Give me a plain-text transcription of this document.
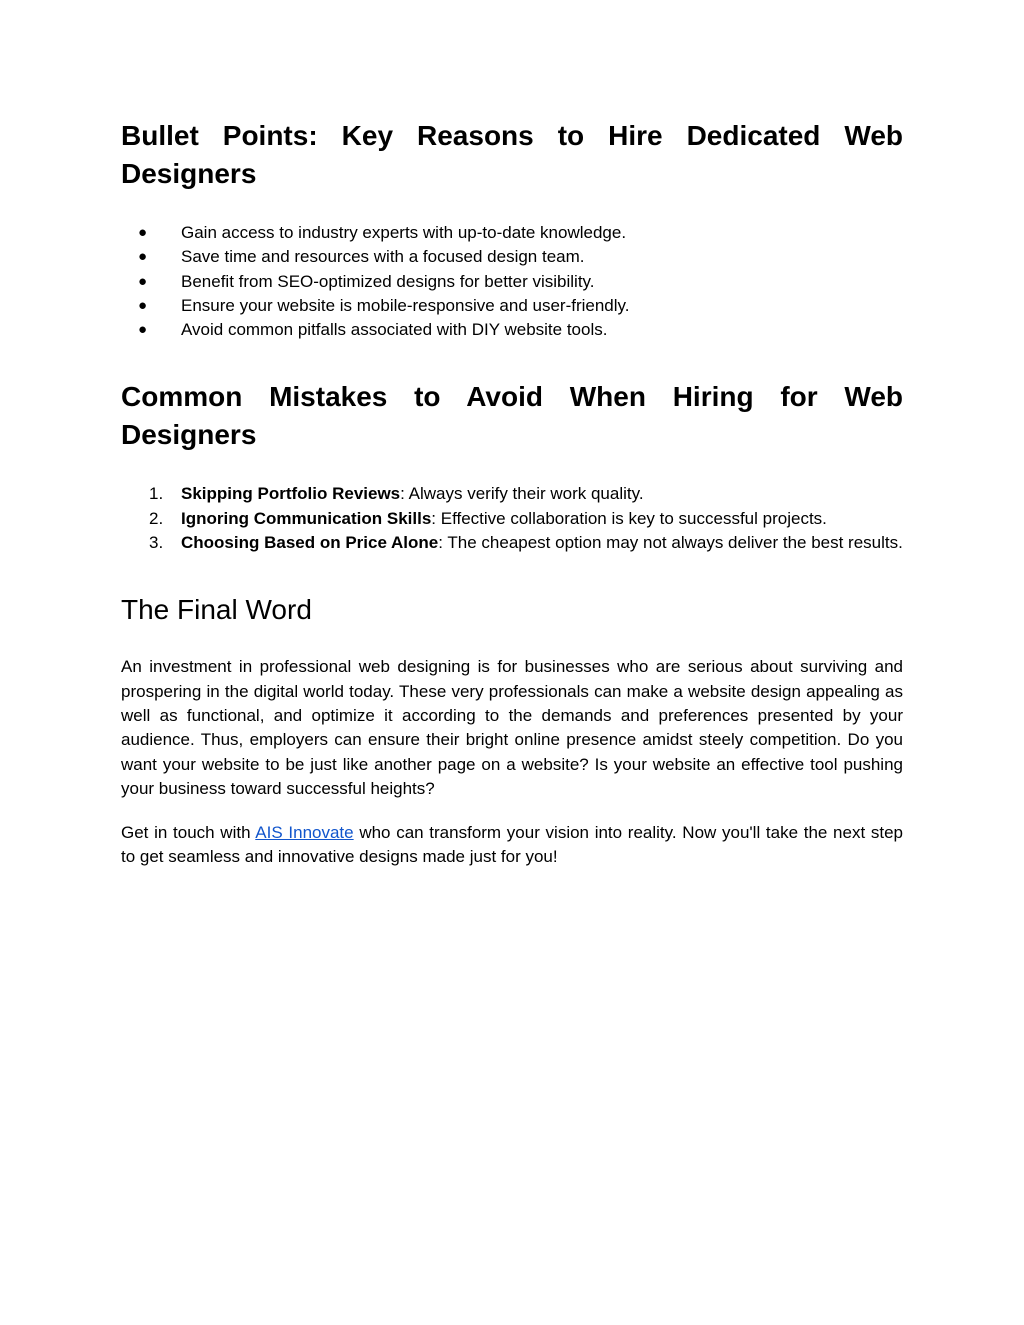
Bullet Points: Key Reasons to Hire Dedicated Web Designers
● Gain access to industry experts with up-to-date knowledge.
● Save time and resources with a focused design team.
● Benefit from SEO-optimized designs for better visibility.
● Ensure your website is mobile-responsive and user-friendly.
● Avoid common pitfalls associated with DIY website tools.
Common Mistakes to Avoid When Hiring for Web Designers
1. Skipping Portfolio Reviews: Always verify their work quality.
2. Ignoring Communication Skills: Effective collaboration is key to successful projects.
3. Choosing Based on Price Alone: The cheapest option may not always deliver the best results.
The Final Word

An investment in professional web designing is for businesses who are serious about surviving and prospering in the digital world today. These very professionals can make a website design appealing as well as functional, and optimize it according to the demands and preferences presented by your audience. Thus, employers can ensure their bright online presence amidst steely competition. Do you want your website to be just like another page on a website? Is your website an effective tool pushing your business toward successful heights?

Get in touch with AIS Innovate who can transform your vision into reality. Now you'll take the next step to get seamless and innovative designs made just for you!
